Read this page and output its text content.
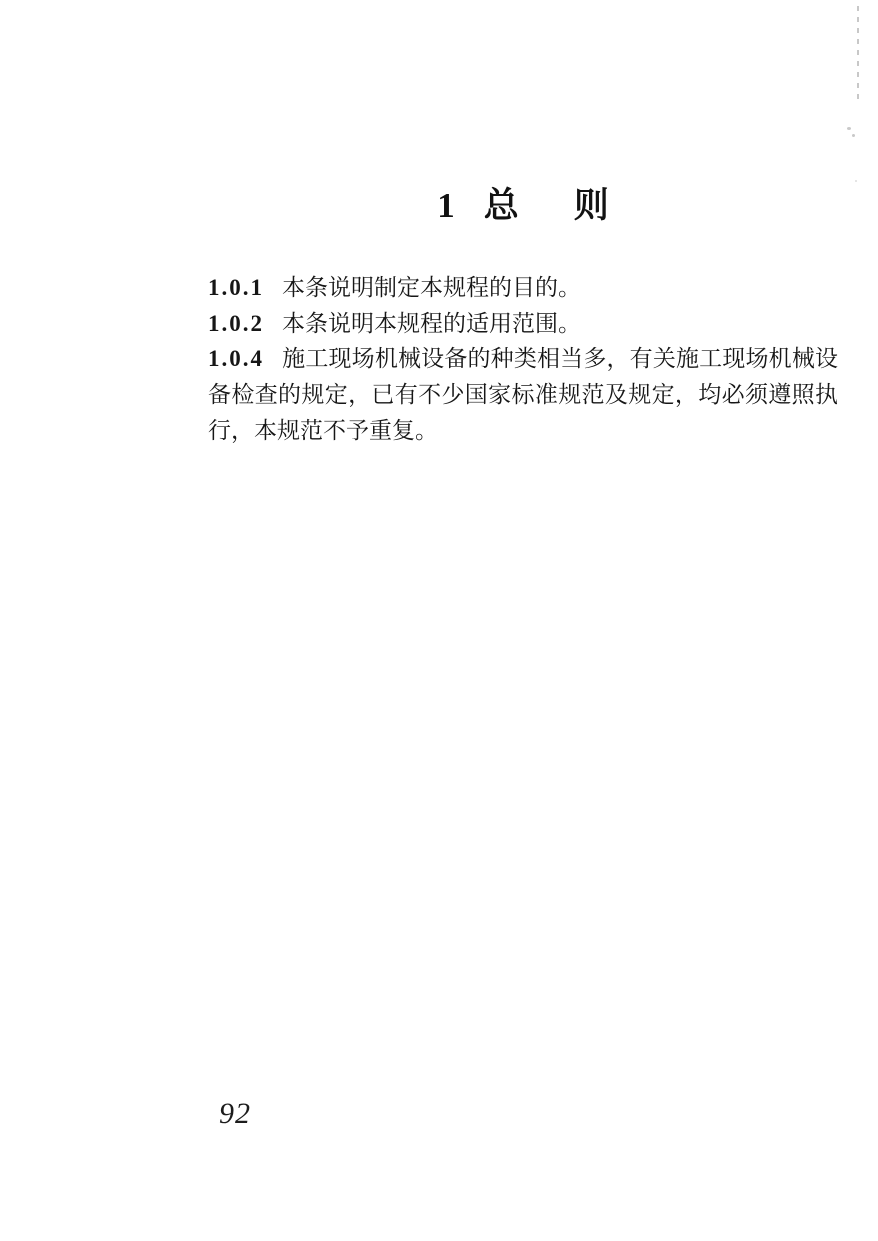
1 总 则

1.0.1 本条说明制定本规程的目的。

1.0.2 本条说明本规程的适用范围。

1.0.4 施工现场机械设备的种类相当多，有关施工现场机械设备检查的规定，已有不少国家标准规范及规定，均必须遵照执行，本规范不予重复。

92
